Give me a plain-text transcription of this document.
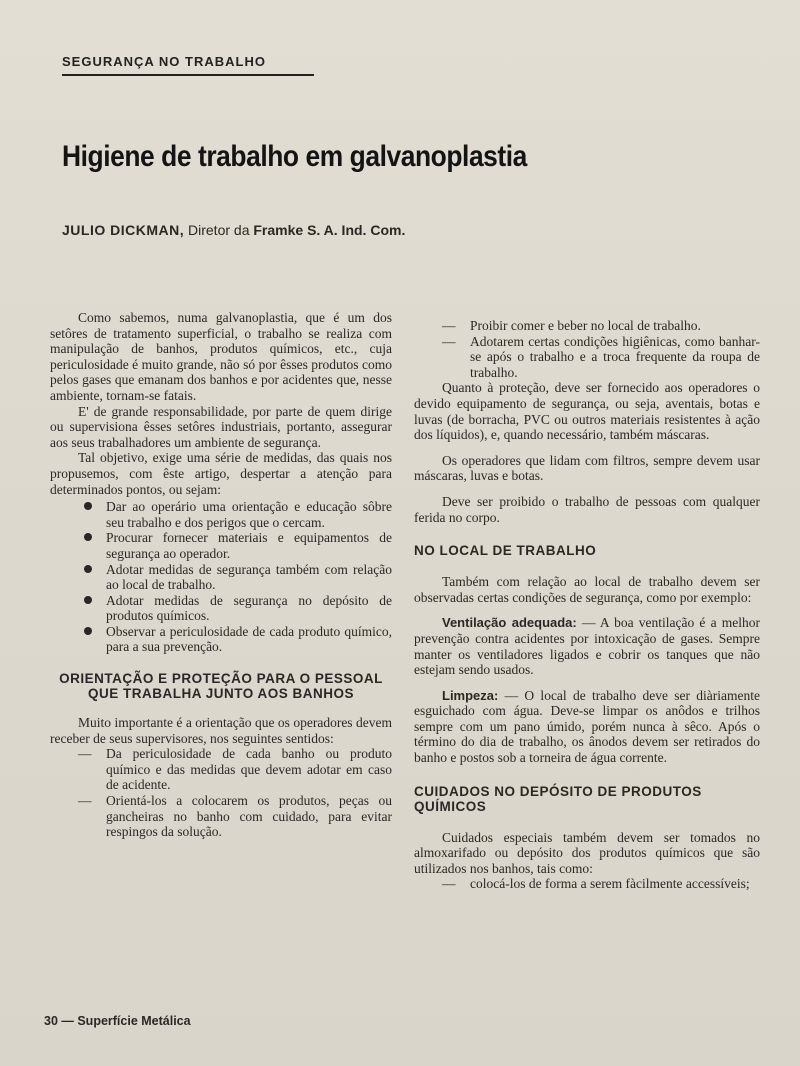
SEGURANÇA NO TRABALHO
Higiene de trabalho em galvanoplastia
JULIO DICKMAN, Diretor da Framke S. A. Ind. Com.

Como sabemos, numa galvanoplastia, que é um dos setôres de tratamento superficial, o trabalho se realiza com manipulação de banhos, produtos químicos, etc., cuja periculosidade é muito grande, não só por êsses produtos como pelos gases que emanam dos banhos e por acidentes que, nesse ambiente, tornam-se fatais.

E' de grande responsabilidade, por parte de quem dirige ou supervisiona êsses setôres industriais, portanto, assegurar aos seus trabalhadores um ambiente de segurança.

Tal objetivo, exige uma série de medidas, das quais nos propusemos, com êste artigo, despertar a atenção para determinados pontos, ou sejam:

Dar ao operário uma orientação e educação sôbre seu trabalho e dos perigos que o cercam.
Procurar fornecer materiais e equipamentos de segurança ao operador.
Adotar medidas de segurança também com relação ao local de trabalho.
Adotar medidas de segurança no depósito de produtos químicos.
Observar a periculosidade de cada produto químico, para a sua prevenção.
ORIENTAÇÃO E PROTEÇÃO PARA O PESSOAL QUE TRABALHA JUNTO AOS BANHOS

Muito importante é a orientação que os operadores devem receber de seus supervisores, nos seguintes sentidos:

— Da periculosidade de cada banho ou produto químico e das medidas que devem adotar em caso de acidente.
— Orientá-los a colocarem os produtos, peças ou gancheiras no banho com cuidado, para evitar respingos da solução.
— Proibir comer e beber no local de trabalho.
— Adotarem certas condições higiênicas, como banhar-se após o trabalho e a troca frequente da roupa de trabalho.

Quanto à proteção, deve ser fornecido aos operadores o devido equipamento de segurança, ou seja, aventais, botas e luvas (de borracha, PVC ou outros materiais resistentes à ação dos líquidos), e, quando necessário, também máscaras.

Os operadores que lidam com filtros, sempre devem usar máscaras, luvas e botas.

Deve ser proibido o trabalho de pessoas com qualquer ferida no corpo.

NO LOCAL DE TRABALHO

Também com relação ao local de trabalho devem ser observadas certas condições de segurança, como por exemplo:

Ventilação adequada: — A boa ventilação é a melhor prevenção contra acidentes por intoxicação de gases. Sempre manter os ventiladores ligados e cobrir os tanques que não estejam sendo usados.

Limpeza: — O local de trabalho deve ser diàriamente esguichado com água. Deve-se limpar os anôdos e trilhos sempre com um pano úmido, porém nunca à sêco. Após o término do dia de trabalho, os ânodos devem ser retirados do banho e postos sob a torneira de água corrente.

CUIDADOS NO DEPÓSITO DE PRODUTOS QUÍMICOS

Cuidados especiais também devem ser tomados no almoxarifado ou depósito dos produtos químicos que são utilizados nos banhos, tais como:

— colocá-los de forma a serem fàcilmente accessíveis;
30 — Superfície Metálica
